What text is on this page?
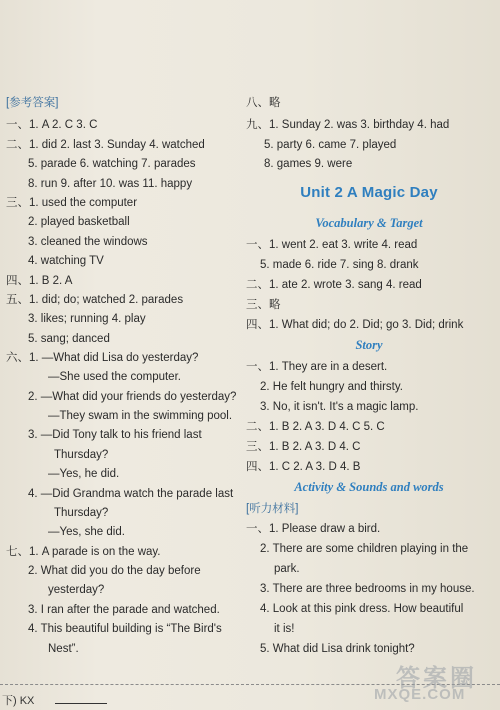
[参考答案]
一、1. A 2. C 3. C
二、1. did 2. last 3. Sunday 4. watched
5. parade 6. watching 7. parades
8. run 9. after 10. was 11. happy
三、1. used the computer
2. played basketball
3. cleaned the windows
4. watching TV
四、1. B 2. A
五、1. did; do; watched 2. parades
3. likes; running 4. play
5. sang; danced
六、1. —What did Lisa do yesterday?
—She used the computer.
2. —What did your friends do yesterday?
—They swam in the swimming pool.
3. —Did Tony talk to his friend last
Thursday?
—Yes, he did.
4. —Did Grandma watch the parade last
Thursday?
—Yes, she did.
七、1. A parade is on the way.
2. What did you do the day before
yesterday?
3. I ran after the parade and watched.
4. This beautiful building is “The Bird's
Nest”.
八、略
九、1. Sunday 2. was 3. birthday 4. had
5. party 6. came 7. played
8. games 9. were
Unit 2 A Magic Day
Vocabulary & Target
一、1. went 2. eat 3. write 4. read
5. made 6. ride 7. sing 8. drank
二、1. ate 2. wrote 3. sang 4. read
三、略
四、1. What did; do 2. Did; go 3. Did; drink
Story
一、1. They are in a desert.
2. He felt hungry and thirsty.
3. No, it isn't. It's a magic lamp.
二、1. B 2. A 3. D 4. C 5. C
三、1. B 2. A 3. D 4. C
四、1. C 2. A 3. D 4. B
Activity & Sounds and words
[听力材料]
一、1. Please draw a bird.
2. There are some children playing in the
park.
3. There are three bedrooms in my house.
4. Look at this pink dress. How beautiful
it is!
5. What did Lisa drink tonight?
下) KX
答案圈
MXQE.COM
